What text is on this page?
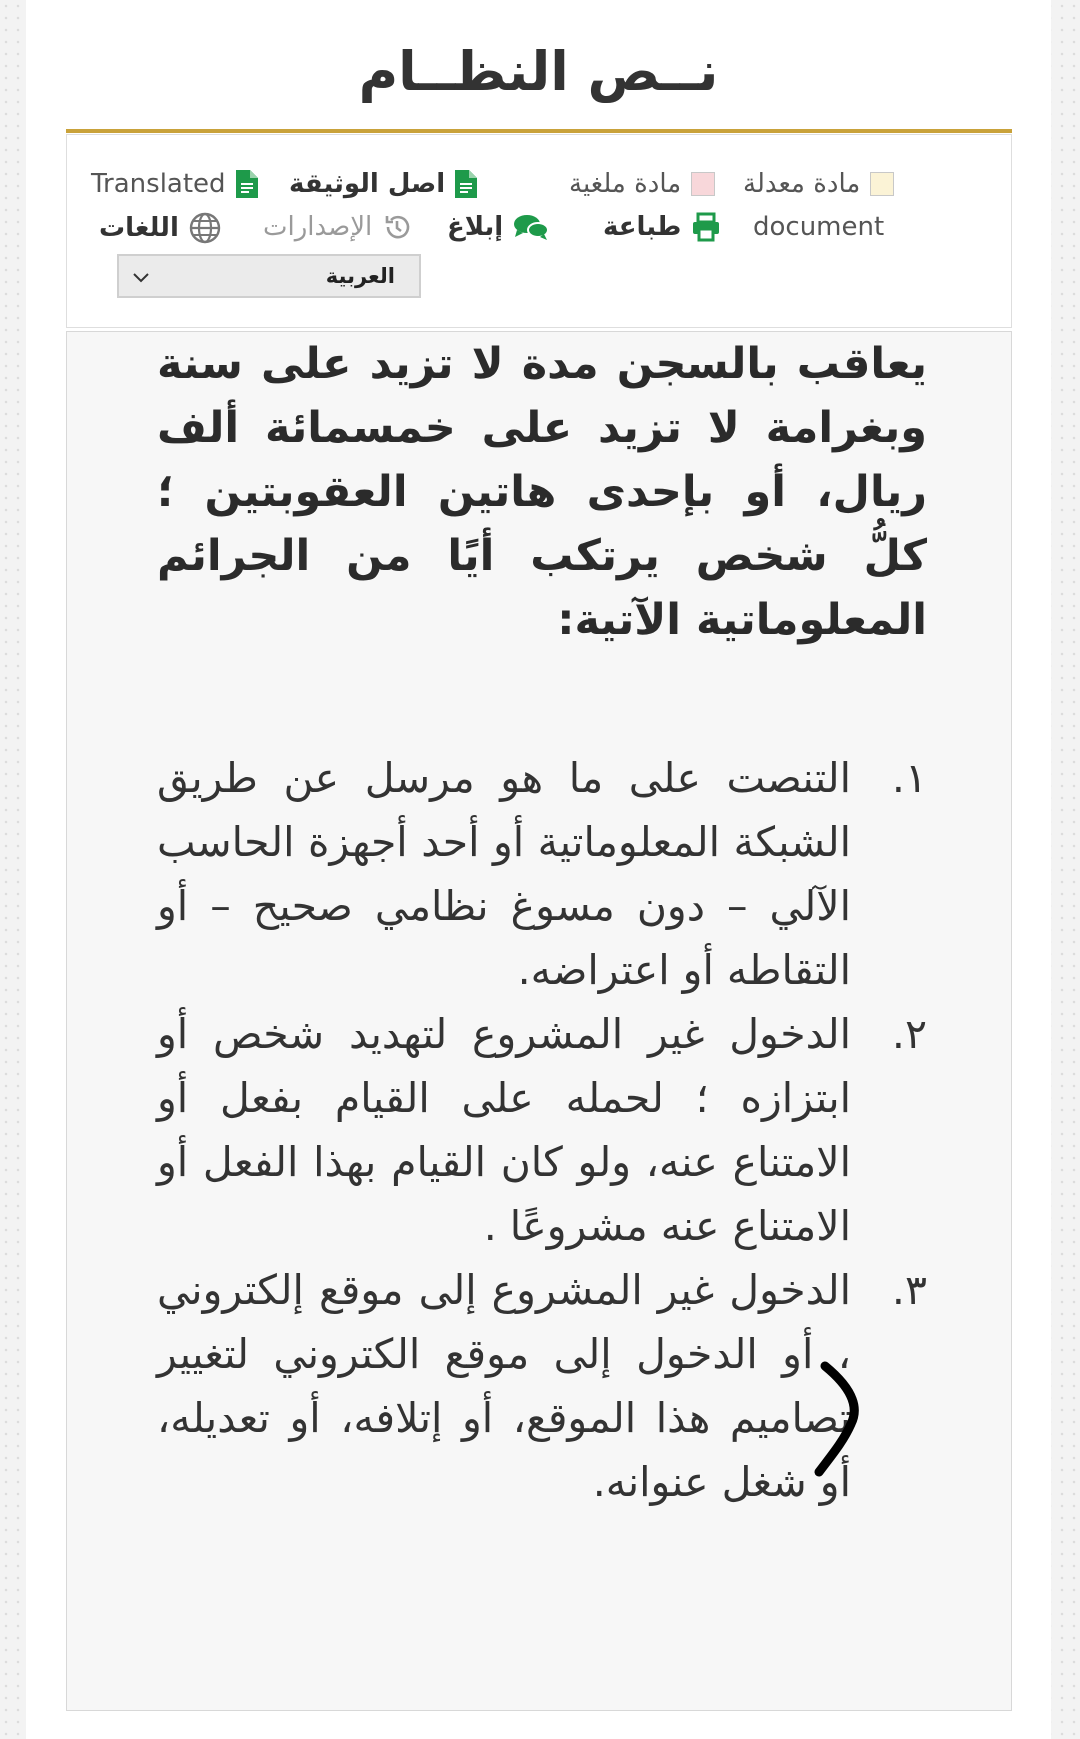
نــص النظــام
Translated اصل الوثيقة	مادة ملغية مادة معدلة
اللغات	الإصدارات	إبلاغ	طباعة	document
العربية
يعاقب بالسجن مدة لا تزيد على سنة وبغرامة لا تزيد على خمسمائة ألف ريال، أو بإحدى هاتين العقوبتين ؛ كلُّ شخص يرتكب أيًا من الجرائم المعلوماتية الآتية:
١.
التنصت على ما هو مرسل عن طريق الشبكة المعلوماتية أو أحد أجهزة الحاسب الآلي – دون مسوغ نظامي صحيح – أو التقاطه أو اعتراضه.
٢.
الدخول غير المشروع لتهديد شخص أو ابتزازه ؛ لحمله على القيام بفعل أو الامتناع عنه، ولو كان القيام بهذا الفعل أو الامتناع عنه مشروعًا .
٣.
الدخول غير المشروع إلى موقع إلكتروني ، أو الدخول إلى موقع الكتروني لتغيير تصاميم هذا الموقع، أو إتلافه، أو تعديله، أو شغل عنوانه.
